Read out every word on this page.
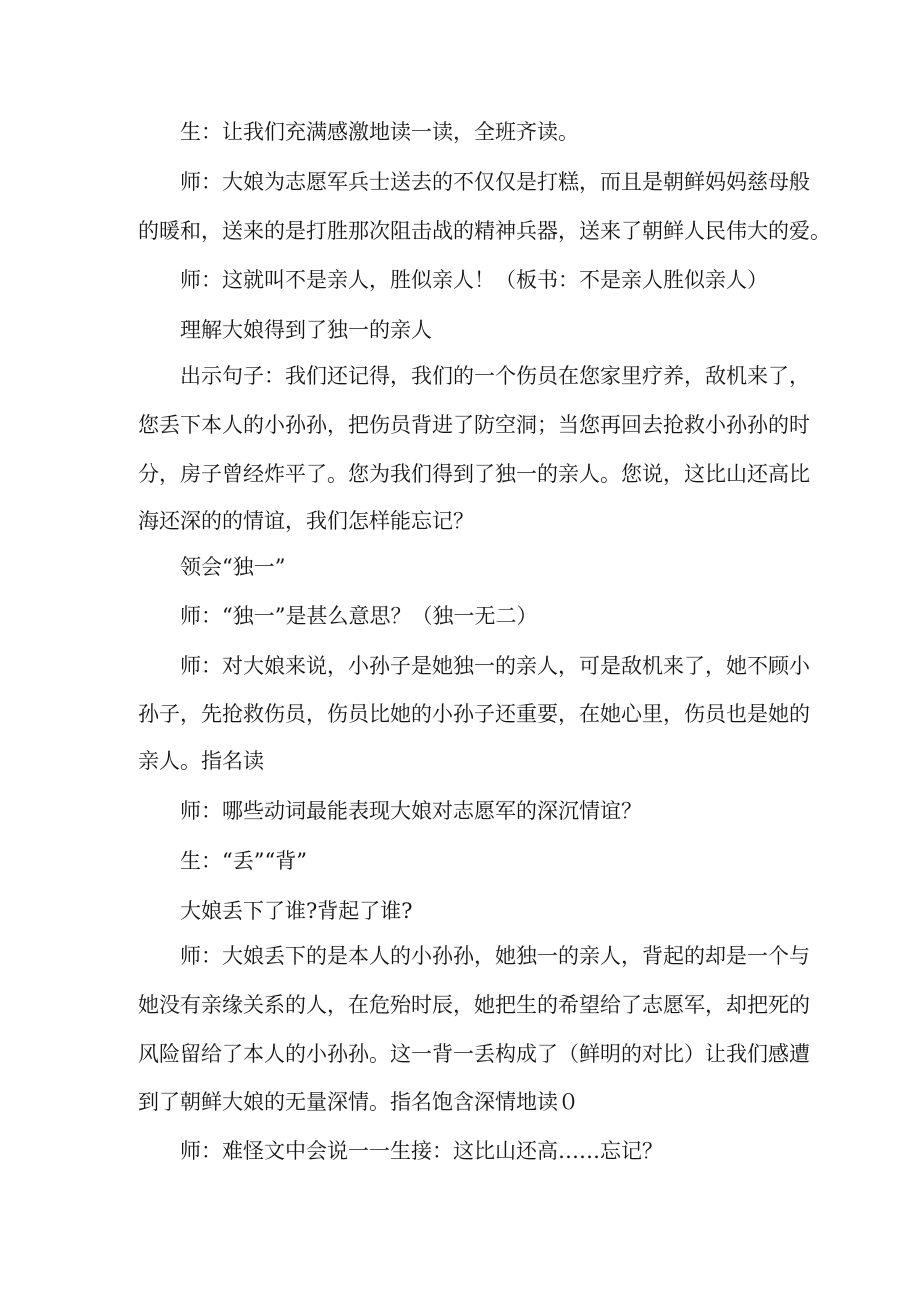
生：让我们充满感激地读一读，全班齐读。
师：大娘为志愿军兵士送去的不仅仅是打糕，而且是朝鲜妈妈慈母般
的暖和，送来的是打胜那次阻击战的精神兵器，送来了朝鲜人民伟大的爱。
师：这就叫不是亲人，胜似亲人！（板书：不是亲人胜似亲人）
理解大娘得到了独一的亲人
出示句子：我们还记得，我们的一个伤员在您家里疗养，敌机来了，
您丢下本人的小孙孙，把伤员背进了防空洞；当您再回去抢救小孙孙的时
分，房子曾经炸平了。您为我们得到了独一的亲人。您说，这比山还高比
海还深的的情谊，我们怎样能忘记？
领会“独一”
师：“独一”是甚么意思？（独一无二）
师：对大娘来说，小孙子是她独一的亲人，可是敌机来了，她不顾小
孙子，先抢救伤员，伤员比她的小孙子还重要，在她心里，伤员也是她的
亲人。指名读
师：哪些动词最能表现大娘对志愿军的深沉情谊？
生：“丢”“背”
大娘丢下了谁?背起了谁?
师：大娘丢下的是本人的小孙孙，她独一的亲人，背起的却是一个与
她没有亲缘关系的人，在危殆时辰，她把生的希望给了志愿军，却把死的
风险留给了本人的小孙孙。这一背一丢构成了（鲜明的对比）让我们感遭
到了朝鲜大娘的无量深情。指名饱含深情地读０
师：难怪文中会说一一生接：这比山还高……忘记？
